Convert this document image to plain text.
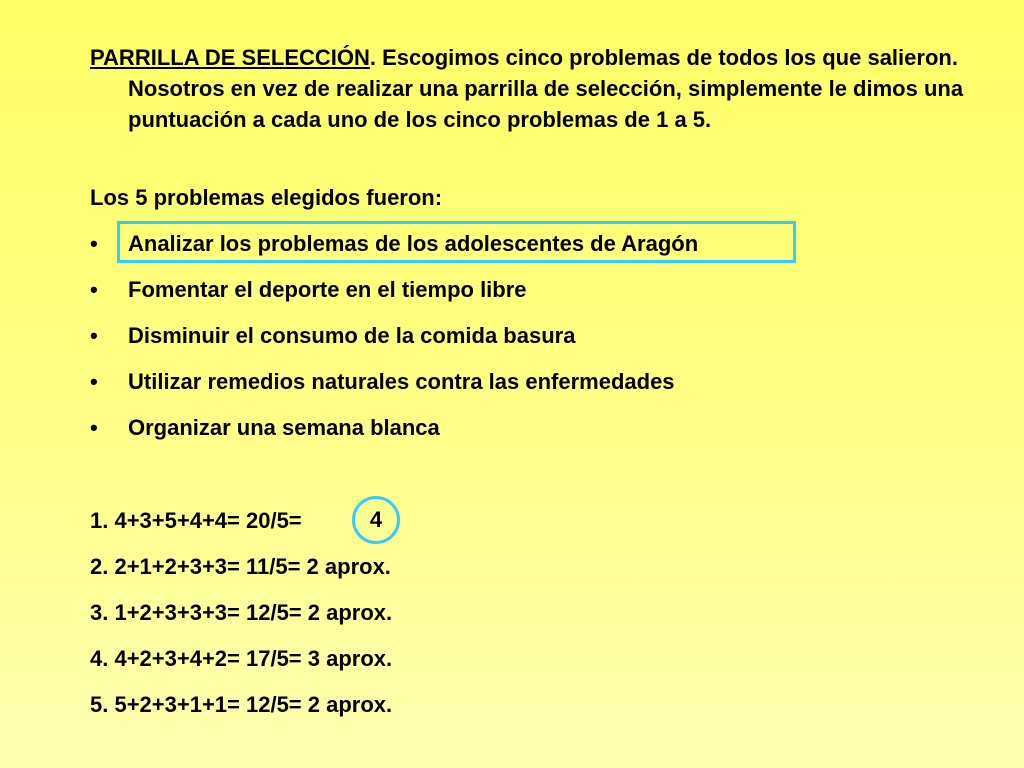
PARRILLA DE SELECCIÓN. Escogimos cinco problemas de todos los que salieron. Nosotros en vez de realizar una parrilla de selección, simplemente le dimos una puntuación a cada uno de los cinco problemas de 1 a 5.

Los 5 problemas elegidos fueron:

•	Analizar los problemas de los adolescentes de Aragón
•	Fomentar el deporte en el tiempo libre
•	Disminuir el consumo de la comida basura
•	Utilizar remedios naturales contra las enfermedades
•	Organizar una semana blanca
1. 4+3+5+4+4= 20/5=
2. 2+1+2+3+3= 11/5= 2 aprox.
3. 1+2+3+3+3= 12/5= 2 aprox.
4. 4+2+3+4+2= 17/5= 3 aprox.
5. 5+2+3+1+1= 12/5= 2 aprox.
4
